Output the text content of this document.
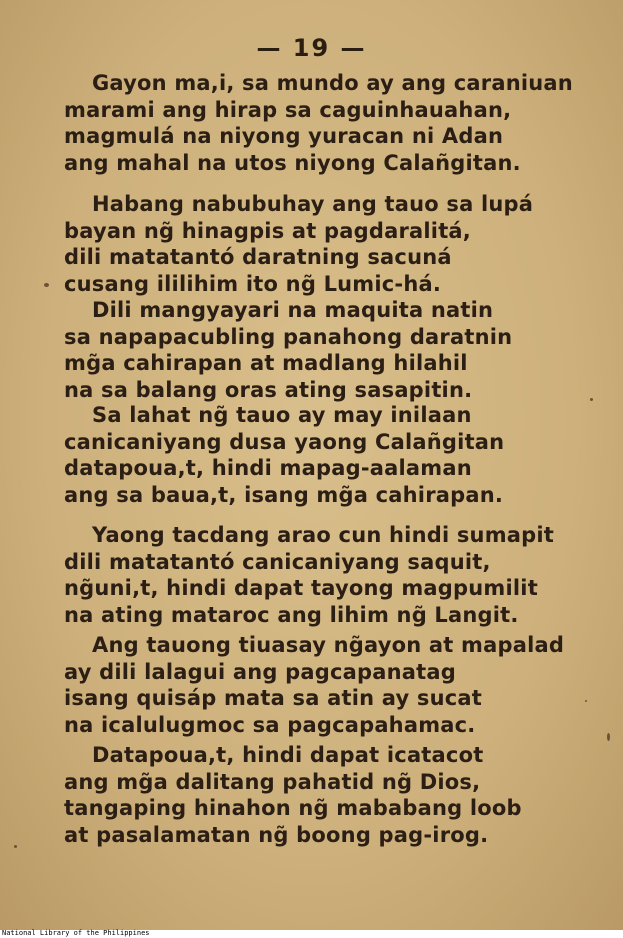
— 19 —
Gayon ma,i, sa mundo ay ang caraniuan
marami ang hirap sa caguinhauahan,
magmulá na niyong yuracan ni Adan
ang mahal na utos niyong Calañgitan.
Habang nabubuhay ang tauo sa lupá
bayan ng̃ hinagpis at pagdaralitá,
dili matatantó daratning sacuná
cusang ililihim ito ng̃ Lumic-há.
Dili mangyayari na maquita natin
sa napapacubling panahong daratnin
mg̃a cahirapan at madlang hilahil
na sa balang oras ating sasapitin.
Sa lahat ng̃ tauo ay may inilaan
canicaniyang dusa yaong Calañgitan
datapoua,t, hindi mapag-aalaman
ang sa baua,t, isang mg̃a cahirapan.
Yaong tacdang arao cun hindi sumapit
dili matatantó canicaniyang saquit,
ng̃uni,t, hindi dapat tayong magpumilit
na ating mataroc ang lihim ng̃ Langit.
Ang tauong tiuasay ng̃ayon at mapalad
ay dili lalagui ang pagcapanatag
isang quisáp mata sa atin ay sucat
na icalulugmoc sa pagcapahamac.
Datapoua,t, hindi dapat icatacot
ang mg̃a dalitang pahatid ng̃ Dios,
tangaping hinahon ng̃ mababang loob
at pasalamatan ng̃ boong pag-irog.
National Library of the Philippines
